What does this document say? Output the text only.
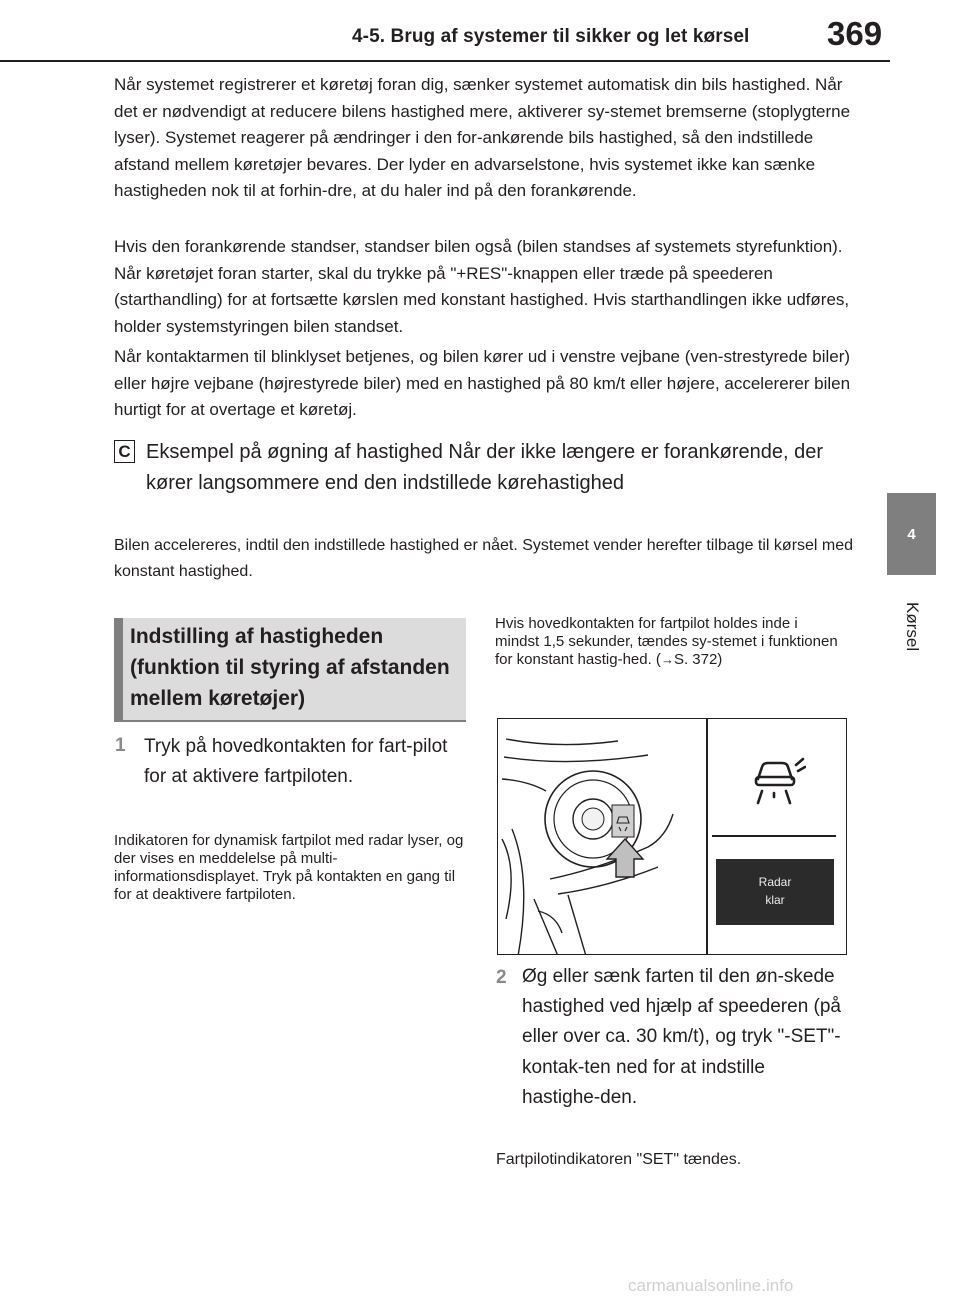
4-5. Brug af systemer til sikker og let kørsel 369
4
Kørsel
Når systemet registrerer et køretøj foran dig, sænker systemet automatisk din bils hastighed. Når det er nødvendigt at reducere bilens hastighed mere, aktiverer sy-stemet bremserne (stoplygterne lyser). Systemet reagerer på ændringer i den for-ankørende bils hastighed, så den indstillede afstand mellem køretøjer bevares. Der lyder en advarselstone, hvis systemet ikke kan sænke hastigheden nok til at forhin-dre, at du haler ind på den forankørende.
Hvis den forankørende standser, standser bilen også (bilen standses af systemets styrefunktion). Når køretøjet foran starter, skal du trykke på "+RES"-knappen eller træde på speederen (starthandling) for at fortsætte kørslen med konstant hastighed. Hvis starthandlingen ikke udføres, holder systemstyringen bilen standset.
Når kontaktarmen til blinklyset betjenes, og bilen kører ud i venstre vejbane (ven-strestyrede biler) eller højre vejbane (højrestyrede biler) med en hastighed på 80 km/t eller højere, accelererer bilen hurtigt for at overtage et køretøj.
C Eksempel på øgning af hastighed Når der ikke længere er forankørende, der kører langsommere end den indstillede kørehastighed
Bilen accelereres, indtil den indstillede hastighed er nået. Systemet vender herefter tilbage til kørsel med konstant hastighed.
Indstilling af hastigheden (funktion til styring af afstanden mellem køretøjer)
1 Tryk på hovedkontakten for fart-pilot for at aktivere fartpiloten.
Indikatoren for dynamisk fartpilot med radar lyser, og der vises en meddelelse på multi-informationsdisplayet. Tryk på kontakten en gang til for at deaktivere fartpiloten.
Hvis hovedkontakten for fartpilot holdes inde i mindst 1,5 sekunder, tændes sy-stemet i funktionen for konstant hastig-hed. (→S. 372)
Radar
klar
2 Øg eller sænk farten til den øn-skede hastighed ved hjælp af speederen (på eller over ca. 30 km/t), og tryk "-SET"-kontak-ten ned for at indstille hastighe-den.
Fartpilotindikatoren "SET" tændes.
carmanualsonline.info
